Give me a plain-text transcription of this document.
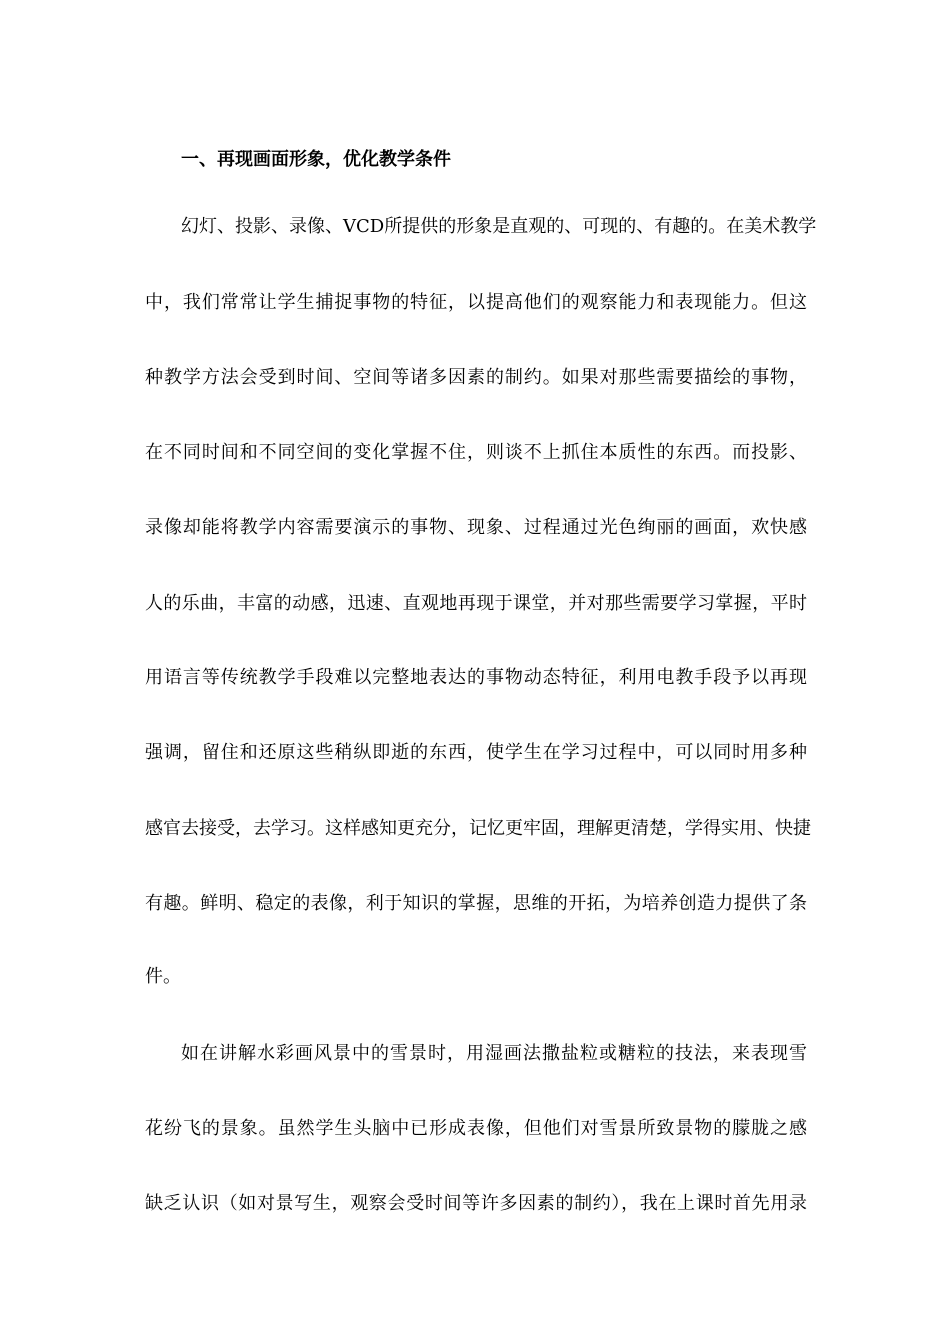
一、再现画面形象，优化教学条件
幻灯、投影、录像、VCD所提供的形象是直观的、可现的、有趣的。在美术教学
中，我们常常让学生捕捉事物的特征，以提高他们的观察能力和表现能力。但这
种教学方法会受到时间、空间等诸多因素的制约。如果对那些需要描绘的事物，
在不同时间和不同空间的变化掌握不住，则谈不上抓住本质性的东西。而投影、
录像却能将教学内容需要演示的事物、现象、过程通过光色绚丽的画面，欢快感
人的乐曲，丰富的动感，迅速、直观地再现于课堂，并对那些需要学习掌握，平时
用语言等传统教学手段难以完整地表达的事物动态特征，利用电教手段予以再现
强调，留住和还原这些稍纵即逝的东西，使学生在学习过程中，可以同时用多种
感官去接受，去学习。这样感知更充分，记忆更牢固，理解更清楚，学得实用、快捷
有趣。鲜明、稳定的表像，利于知识的掌握，思维的开拓，为培养创造力提供了条
件。
如在讲解水彩画风景中的雪景时，用湿画法撒盐粒或糖粒的技法，来表现雪
花纷飞的景象。虽然学生头脑中已形成表像，但他们对雪景所致景物的朦胧之感
缺乏认识（如对景写生，观察会受时间等许多因素的制约），我在上课时首先用录
